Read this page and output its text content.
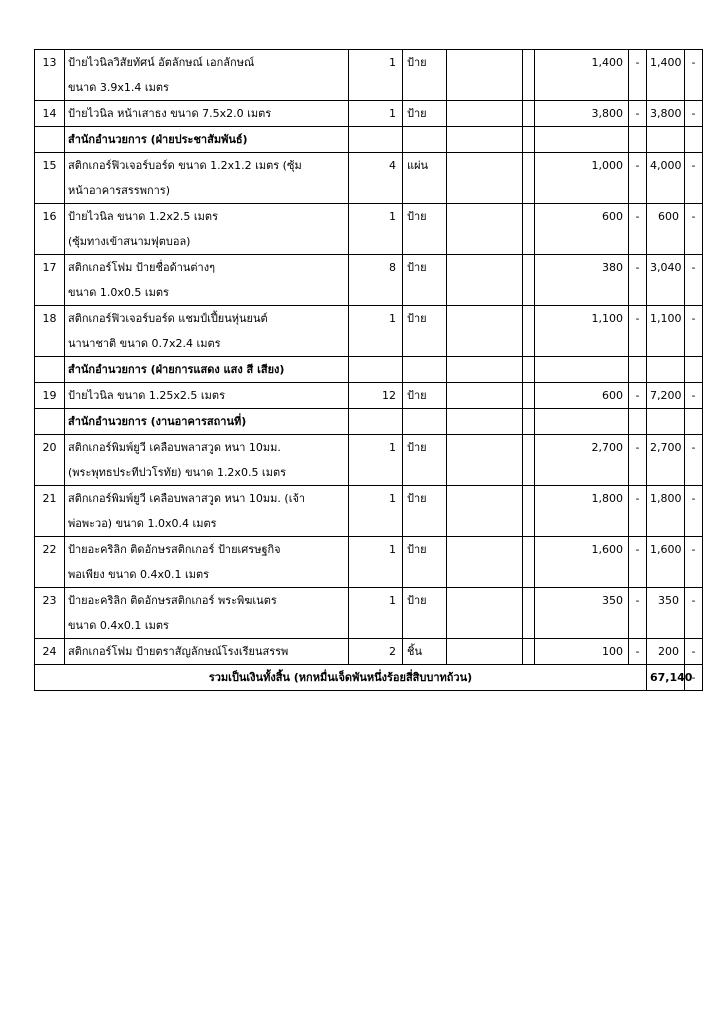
13	ป้ายไวนิลวิสัยทัศน์ อัตลักษณ์ เอกลักษณ์
ขนาด 3.9x1.4 เมตร	1	ป้าย			1,400	-	1,400	-
14	ป้ายไวนิล หน้าเสาธง ขนาด 7.5x2.0 เมตร	1	ป้าย			3,800	-	3,800	-

	สำนักอำนวยการ (ฝ่ายประชาสัมพันธ์)								

15	สติกเกอร์ฟิวเจอร์บอร์ด ขนาด 1.2x1.2 เมตร (ซุ้ม
หน้าอาคารสรรพการ)	4	แผ่น			1,000	-	4,000	-
16	ป้ายไวนิล ขนาด 1.2x2.5 เมตร
(ซุ้มทางเข้าสนามฟุตบอล)	1	ป้าย			600	-	600	-
17	สติกเกอร์โฟม ป้ายชื่อด้านต่างๆ
ขนาด 1.0x0.5 เมตร	8	ป้าย			380	-	3,040	-
18	สติกเกอร์ฟิวเจอร์บอร์ด แชมป์เปี้ยนหุ่นยนต์
นานาชาติ ขนาด 0.7x2.4 เมตร	1	ป้าย			1,100	-	1,100	-

	สำนักอำนวยการ (ฝ่ายการแสดง แสง สี เสียง)								

19	ป้ายไวนิล ขนาด 1.25x2.5 เมตร	12	ป้าย			600	-	7,200	-

	สำนักอำนวยการ (งานอาคารสถานที่)								

20	สติกเกอร์พิมพ์ยูวี เคลือบพลาสวูด หนา 10มม.
(พระพุทธประทีปวโรทัย) ขนาด 1.2x0.5 เมตร	1	ป้าย			2,700	-	2,700	-
21	สติกเกอร์พิมพ์ยูวี เคลือบพลาสวูด หนา 10มม. (เจ้า
พ่อพะวอ) ขนาด 1.0x0.4 เมตร	1	ป้าย			1,800	-	1,800	-
22	ป้ายอะคริลิก ติดอักษรสติกเกอร์ ป้ายเศรษฐกิจ
พอเพียง ขนาด 0.4x0.1 เมตร	1	ป้าย			1,600	-	1,600	-
23	ป้ายอะคริลิก ติดอักษรสติกเกอร์ พระพิฆเนตร
ขนาด 0.4x0.1 เมตร	1	ป้าย			350	-	350	-
24	สติกเกอร์โฟม ป้ายตราสัญลักษณ์โรงเรียนสรรพ	2	ชิ้น			100	-	200	-
รวมเป็นเงินทั้งสิ้น (หกหมื่นเจ็ดพันหนึ่งร้อยสี่สิบบาทถ้วน)								67,140	-
